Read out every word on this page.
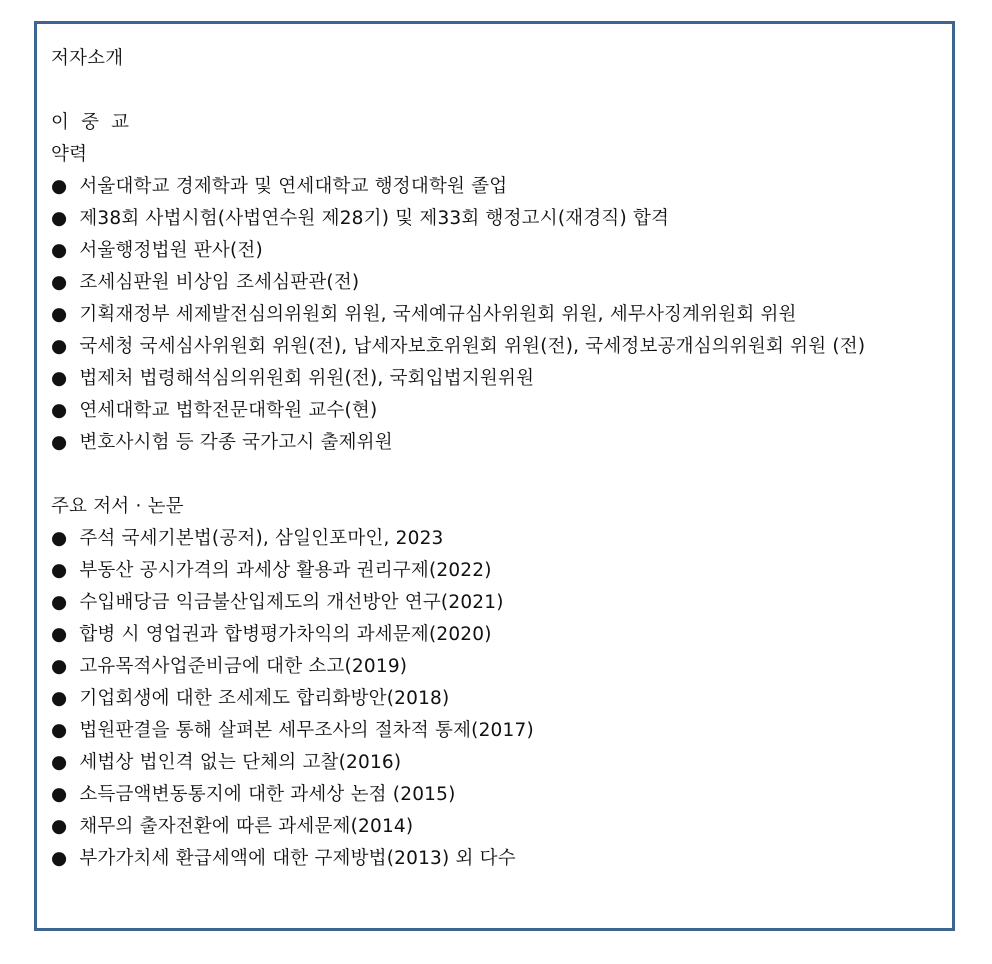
저자소개
이 중 교
약력
● 서울대학교 경제학과 및 연세대학교 행정대학원 졸업
● 제38회 사법시험(사법연수원 제28기) 및 제33회 행정고시(재경직) 합격
● 서울행정법원 판사(전)
● 조세심판원 비상임 조세심판관(전)
● 기획재정부 세제발전심의위원회 위원, 국세예규심사위원회 위원, 세무사징계위원회 위원
● 국세청 국세심사위원회 위원(전), 납세자보호위원회 위원(전), 국세정보공개심의위원회 위원 (전)
● 법제처 법령해석심의위원회 위원(전), 국회입법지원위원
● 연세대학교 법학전문대학원 교수(현)
● 변호사시험 등 각종 국가고시 출제위원
주요 저서 · 논문
● 주석 국세기본법(공저), 삼일인포마인, 2023
● 부동산 공시가격의 과세상 활용과 권리구제(2022)
● 수입배당금 익금불산입제도의 개선방안 연구(2021)
● 합병 시 영업권과 합병평가차익의 과세문제(2020)
● 고유목적사업준비금에 대한 소고(2019)
● 기업회생에 대한 조세제도 합리화방안(2018)
● 법원판결을 통해 살펴본 세무조사의 절차적 통제(2017)
● 세법상 법인격 없는 단체의 고찰(2016)
● 소득금액변동통지에 대한 과세상 논점 (2015)
● 채무의 출자전환에 따른 과세문제(2014)
● 부가가치세 환급세액에 대한 구제방법(2013) 외 다수
